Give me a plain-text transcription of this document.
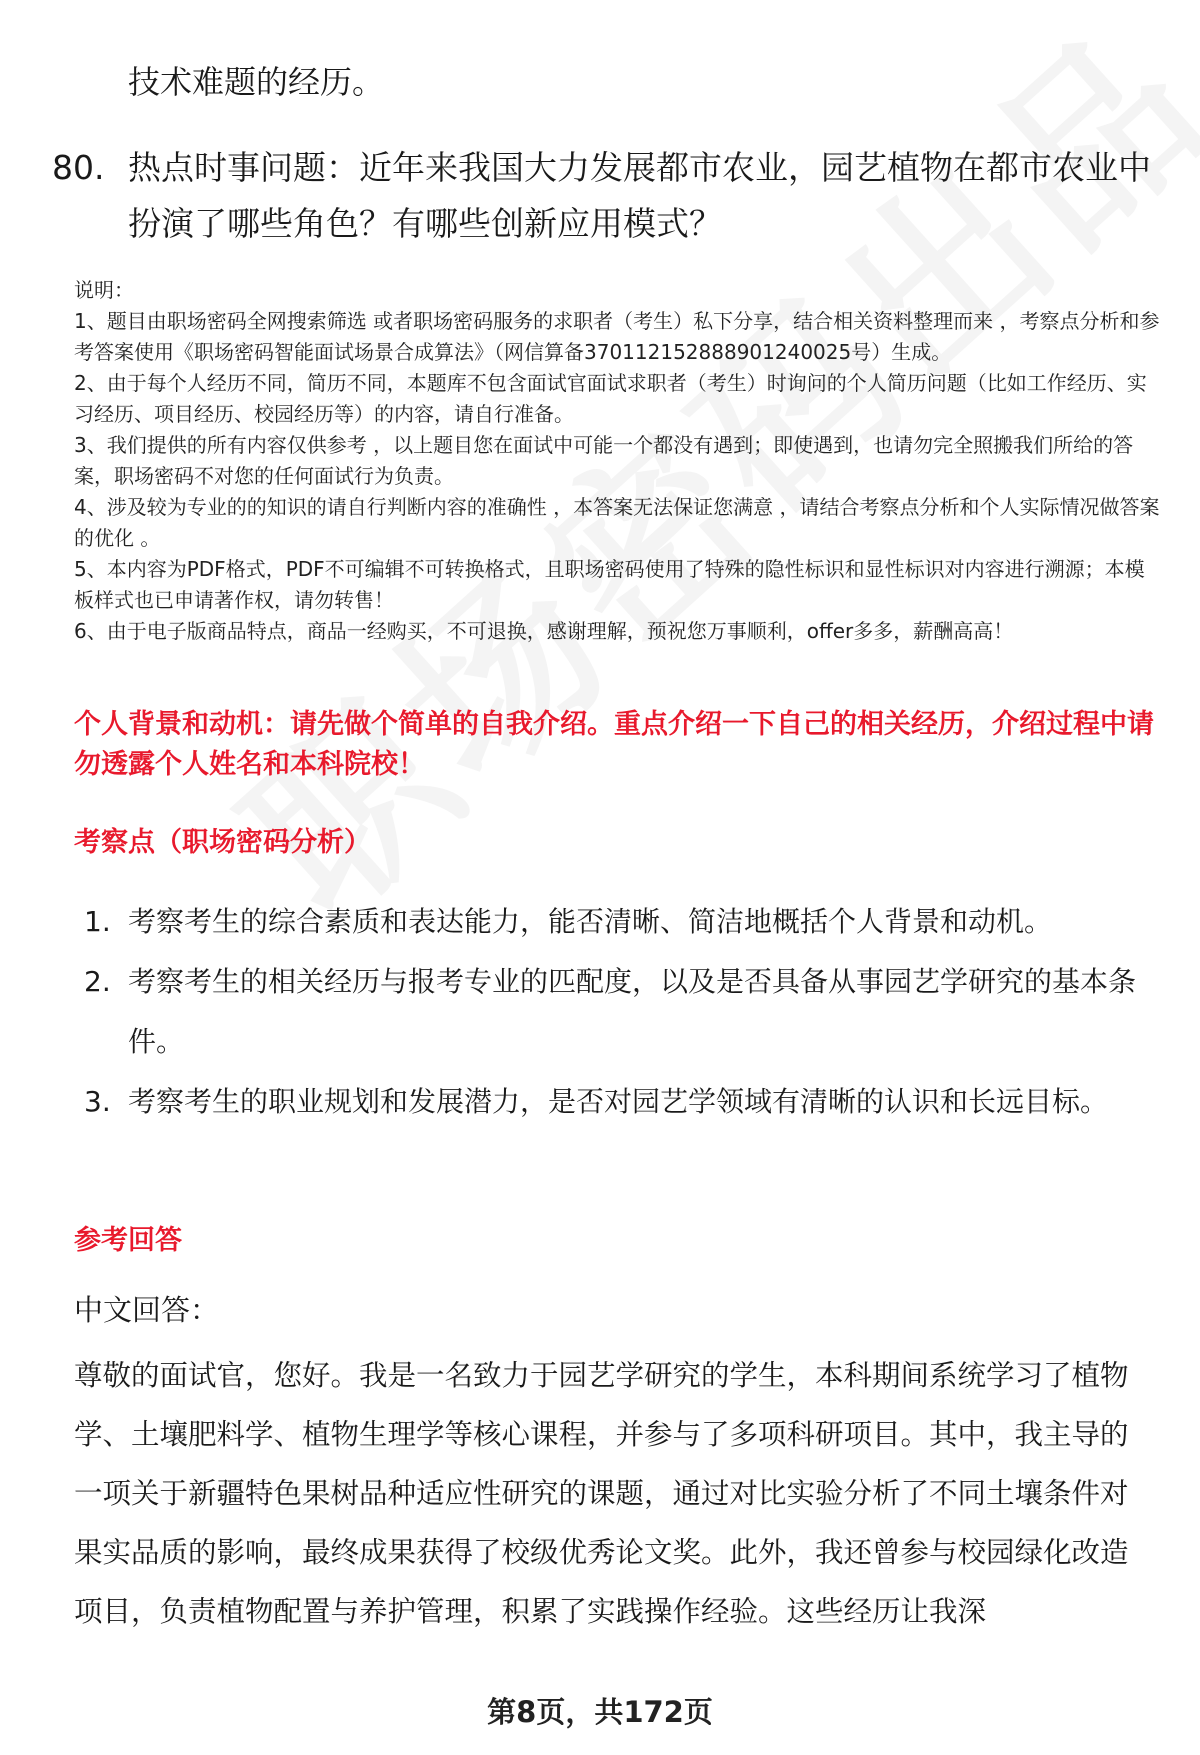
技术难题的经历。
80. 热点时事问题：近年来我国大力发展都市农业，园艺植物在都市农业中扮演了哪些角色？有哪些创新应用模式？
说明：
1、题目由职场密码全网搜索筛选 或者职场密码服务的求职者（考生）私下分享，结合相关资料整理而来 ，考察点分析和参考答案使用《职场密码智能面试场景合成算法》（网信算备370112152888901240025号）生成。
2、由于每个人经历不同，简历不同，本题库不包含面试官面试求职者（考生）时询问的个人简历问题（比如工作经历、实习经历、项目经历、校园经历等）的内容，请自行准备。
3、我们提供的所有内容仅供参考 ，以上题目您在面试中可能一个都没有遇到；即使遇到，也请勿完全照搬我们所给的答案，职场密码不对您的任何面试行为负责。
4、涉及较为专业的的知识的请自行判断内容的准确性 ，本答案无法保证您满意 ，请结合考察点分析和个人实际情况做答案的优化 。
5、本内容为PDF格式，PDF不可编辑不可转换格式，且职场密码使用了特殊的隐性标识和显性标识对内容进行溯源；本模板样式也已申请著作权，请勿转售！
6、由于电子版商品特点，商品一经购买，不可退换，感谢理解，预祝您万事顺利，offer多多，薪酬高高！
个人背景和动机：请先做个简单的自我介绍。重点介绍一下自己的相关经历，介绍过程中请勿透露个人姓名和本科院校！
考察点（职场密码分析）
1. 考察考生的综合素质和表达能力，能否清晰、简洁地概括个人背景和动机。
2. 考察考生的相关经历与报考专业的匹配度，以及是否具备从事园艺学研究的基本条件。
3. 考察考生的职业规划和发展潜力，是否对园艺学领域有清晰的认识和长远目标。
参考回答
中文回答：
尊敬的面试官，您好。我是一名致力于园艺学研究的学生，本科期间系统学习了植物学、土壤肥料学、植物生理学等核心课程，并参与了多项科研项目。其中，我主导的一项关于新疆特色果树品种适应性研究的课题，通过对比实验分析了不同土壤条件对果实品质的影响，最终成果获得了校级优秀论文奖。此外，我还曾参与校园绿化改造项目，负责植物配置与养护管理，积累了实践操作经验。这些经历让我深
第8页，共172页
